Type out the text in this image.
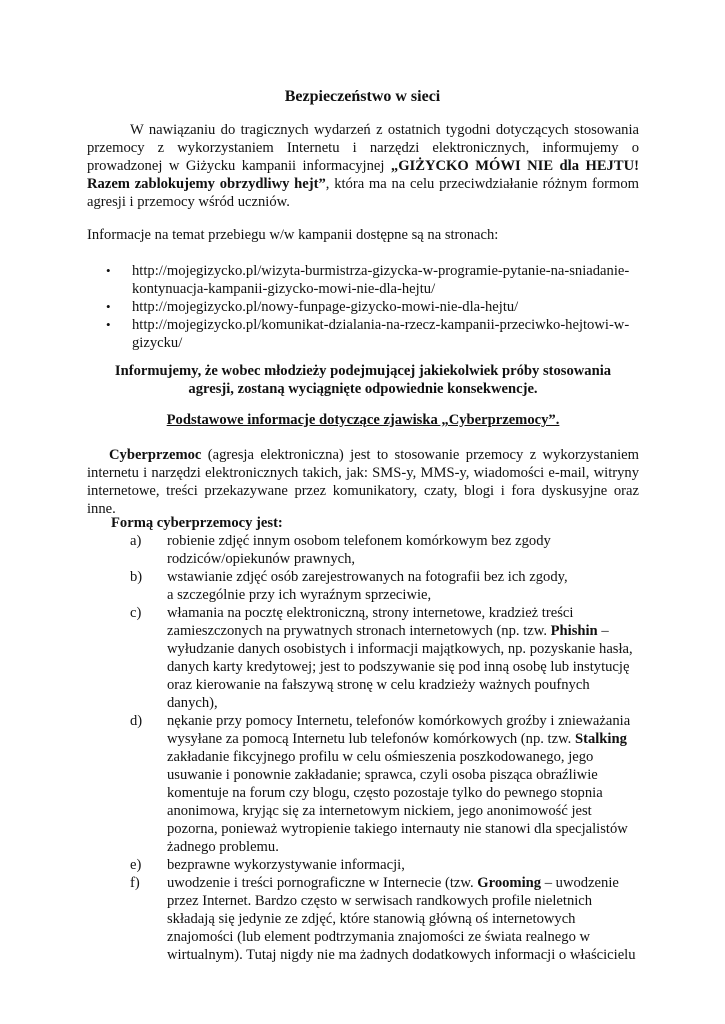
Bezpieczeństwo w sieci
W nawiązaniu do tragicznych wydarzeń z ostatnich tygodni dotyczących stosowania
przemocy z wykorzystaniem Internetu i narzędzi elektronicznych, informujemy o
prowadzonej w Giżycku kampanii informacyjnej „GIŻYCKO MÓWI NIE dla HEJTU!
Razem zablokujemy obrzydliwy hejt”, która ma na celu przeciwdziałanie różnym formom
agresji i przemocy wśród uczniów.
Informacje na temat przebiegu w/w kampanii dostępne są na stronach:
• http://mojegizycko.pl/wizyta-burmistrza-gizycka-w-programie-pytanie-na-sniadanie-
kontynuacja-kampanii-gizycko-mowi-nie-dla-hejtu/
• http://mojegizycko.pl/nowy-funpage-gizycko-mowi-nie-dla-hejtu/
• http://mojegizycko.pl/komunikat-dzialania-na-rzecz-kampanii-przeciwko-hejtowi-w-
gizycku/
Informujemy, że wobec młodzieży podejmującej jakiekolwiek próby stosowania
agresji, zostaną wyciągnięte odpowiednie konsekwencje.
Podstawowe informacje dotyczące zjawiska „Cyberprzemocy”.
Cyberprzemoc (agresja elektroniczna) jest to stosowanie przemocy z wykorzystaniem
internetu i narzędzi elektronicznych takich, jak: SMS-y, MMS-y, wiadomości e-mail, witryny
internetowe, treści przekazywane przez komunikatory, czaty, blogi i fora dyskusyjne oraz
inne.
Formą cyberprzemocy jest:
a) robienie zdjęć innym osobom telefonem komórkowym bez zgody
rodziców/opiekunów prawnych,
b) wstawianie zdjęć osób zarejestrowanych na fotografii bez ich zgody,
a szczególnie przy ich wyraźnym sprzeciwie,
c) włamania na pocztę elektroniczną, strony internetowe, kradzież treści
zamieszczonych na prywatnych stronach internetowych (np. tzw. Phishin –
wyłudzanie danych osobistych i informacji majątkowych, np. pozyskanie hasła,
danych karty kredytowej; jest to podszywanie się pod inną osobę lub instytucję
oraz kierowanie na fałszywą stronę w celu kradzieży ważnych poufnych
danych),
d) nękanie przy pomocy Internetu, telefonów komórkowych groźby i znieważania
wysyłane za pomocą Internetu lub telefonów komórkowych (np. tzw. Stalking
zakładanie fikcyjnego profilu w celu ośmieszenia poszkodowanego, jego
usuwanie i ponownie zakładanie; sprawca, czyli osoba pisząca obraźliwie
komentuje na forum czy blogu, często pozostaje tylko do pewnego stopnia
anonimowa, kryjąc się za internetowym nickiem, jego anonimowość jest
pozorna, ponieważ wytropienie takiego internauty nie stanowi dla specjalistów
żadnego problemu.
e) bezprawne wykorzystywanie informacji,
f) uwodzenie i treści pornograficzne w Internecie (tzw. Grooming – uwodzenie
przez Internet. Bardzo często w serwisach randkowych profile nieletnich
składają się jedynie ze zdjęć, które stanowią główną oś internetowych
znajomości (lub element podtrzymania znajomości ze świata realnego w
wirtualnym). Tutaj nigdy nie ma żadnych dodatkowych informacji o właścicielu
